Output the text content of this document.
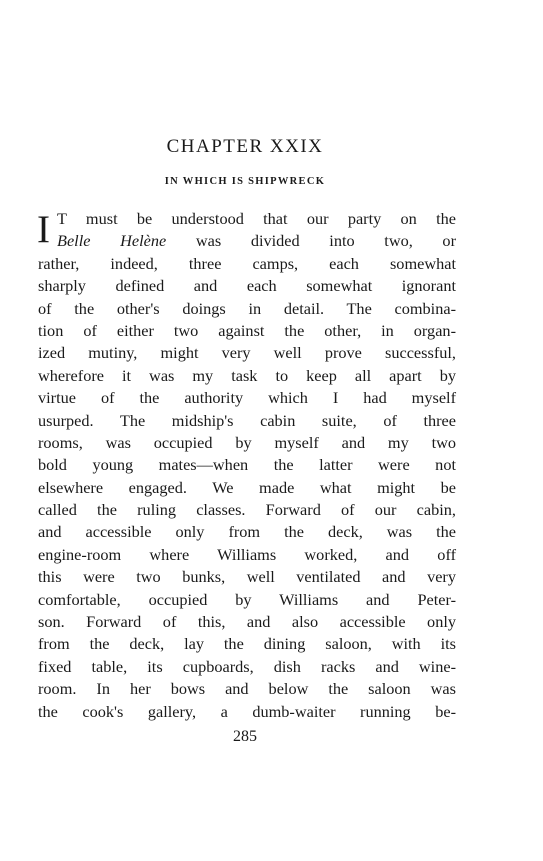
CHAPTER XXIX
IN WHICH IS SHIPWRECK
I T must be understood that our party on the
Belle Helène was divided into two, or
rather, indeed, three camps, each somewhat
sharply defined and each somewhat ignorant
of the other's doings in detail. The combina-
tion of either two against the other, in organ-
ized mutiny, might very well prove successful,
wherefore it was my task to keep all apart by
virtue of the authority which I had myself
usurped. The midship's cabin suite, of three
rooms, was occupied by myself and my two
bold young mates—when the latter were not
elsewhere engaged. We made what might be
called the ruling classes. Forward of our cabin,
and accessible only from the deck, was the
engine-room where Williams worked, and off
this were two bunks, well ventilated and very
comfortable, occupied by Williams and Peter-
son. Forward of this, and also accessible only
from the deck, lay the dining saloon, with its
fixed table, its cupboards, dish racks and wine-
room. In her bows and below the saloon was
the cook's gallery, a dumb-waiter running be-
285
